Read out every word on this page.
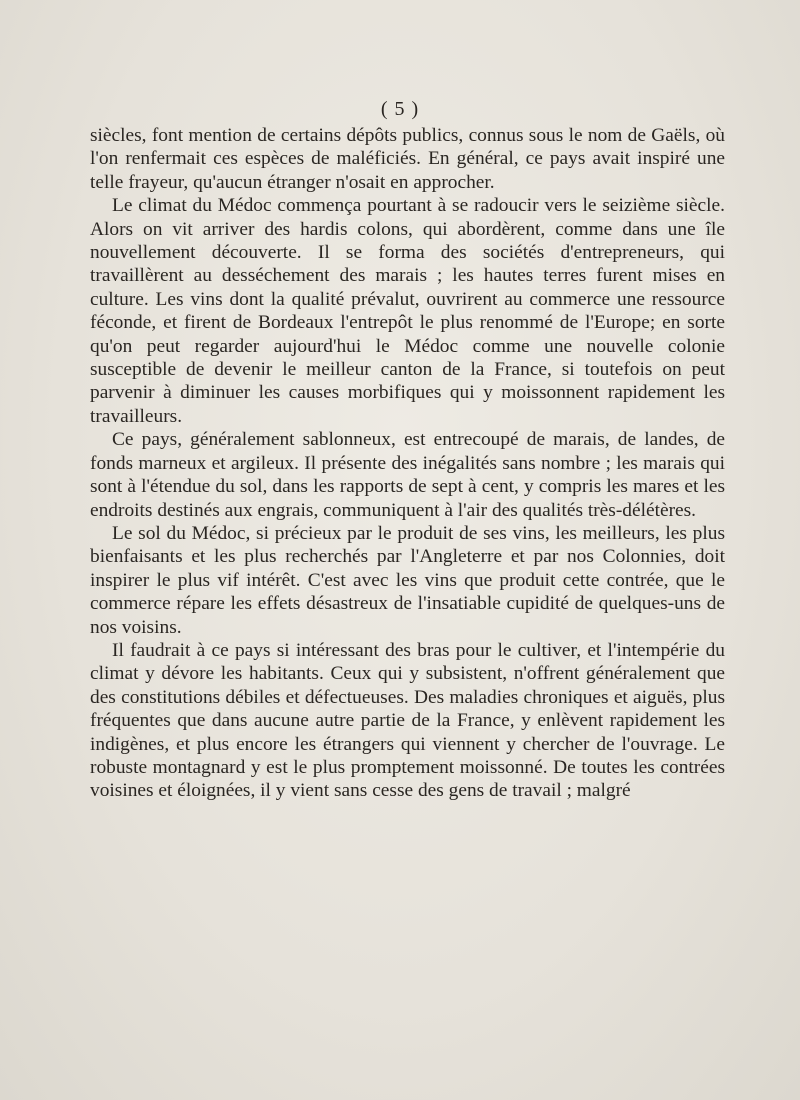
( 5 )

siècles, font mention de certains dépôts publics, connus sous le nom de Gaëls, où l'on renfermait ces espèces de maléficiés. En général, ce pays avait inspiré une telle frayeur, qu'aucun étranger n'osait en approcher.

Le climat du Médoc commença pourtant à se radoucir vers le seizième siècle. Alors on vit arriver des hardis colons, qui abordèrent, comme dans une île nouvellement découverte. Il se forma des sociétés d'entrepreneurs, qui travaillèrent au desséchement des marais ; les hautes terres furent mises en culture. Les vins dont la qualité prévalut, ouvrirent au commerce une ressource féconde, et firent de Bordeaux l'entrepôt le plus renommé de l'Europe; en sorte qu'on peut regarder aujourd'hui le Médoc comme une nouvelle colonie susceptible de devenir le meilleur canton de la France, si toutefois on peut parvenir à diminuer les causes morbifiques qui y moissonnent rapidement les travailleurs.

Ce pays, généralement sablonneux, est entrecoupé de marais, de landes, de fonds marneux et argileux. Il présente des inégalités sans nombre ; les marais qui sont à l'étendue du sol, dans les rapports de sept à cent, y compris les mares et les endroits destinés aux engrais, communiquent à l'air des qualités très-délétères.

Le sol du Médoc, si précieux par le produit de ses vins, les meilleurs, les plus bienfaisants et les plus recherchés par l'Angleterre et par nos Colonnies, doit inspirer le plus vif intérêt. C'est avec les vins que produit cette contrée, que le commerce répare les effets désastreux de l'insatiable cupidité de quelques-uns de nos voisins.

Il faudrait à ce pays si intéressant des bras pour le cultiver, et l'intempérie du climat y dévore les habitants. Ceux qui y subsistent, n'offrent généralement que des constitutions débiles et défectueuses. Des maladies chroniques et aiguës, plus fréquentes que dans aucune autre partie de la France, y enlèvent rapidement les indigènes, et plus encore les étrangers qui viennent y chercher de l'ouvrage. Le robuste montagnard y est le plus promptement moissonné. De toutes les contrées voisines et éloignées, il y vient sans cesse des gens de travail ; malgré
